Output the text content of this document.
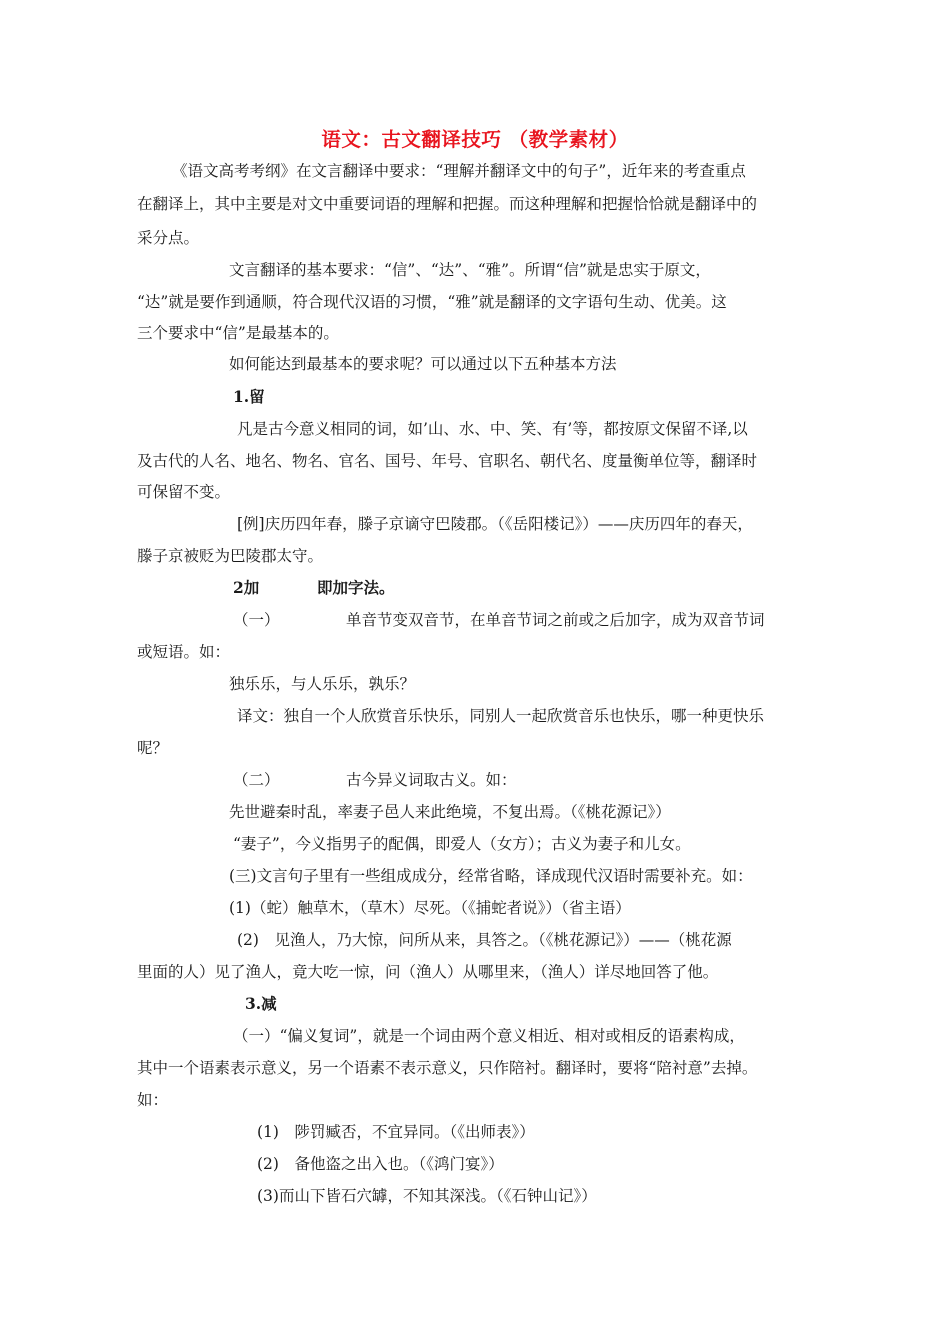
语文：古文翻译技巧 （教学素材）
《语文高考考纲》在文言翻译中要求：“理解并翻译文中的句子”，近年来的考查重点
在翻译上，其中主要是对文中重要词语的理解和把握。而这种理解和把握恰恰就是翻译中的
采分点。
文言翻译的基本要求：“信”、“达”、“雅”。所谓“信”就是忠实于原文，
“达”就是要作到通顺，符合现代汉语的习惯，“雅”就是翻译的文字语句生动、优美。这
三个要求中“信”是最基本的。
如何能达到最基本的要求呢？可以通过以下五种基本方法
1.留
凡是古今意义相同的词，如’山、水、中、笑、有’等，都按原文保留不译,以
及古代的人名、地名、物名、官名、国号、年号、官职名、朝代名、度量衡单位等，翻译时
可保留不变。
[例]庆历四年春，滕子京谪守巴陵郡。（《岳阳楼记》）——庆历四年的春天，
滕子京被贬为巴陵郡太守。
2加	即加字法。
（一）	单音节变双音节，在单音节词之前或之后加字，成为双音节词
或短语。如：
独乐乐，与人乐乐，孰乐？
译文：独自一个人欣赏音乐快乐，同别人一起欣赏音乐也快乐，哪一种更快乐
呢？
（二）	古今异义词取古义。如：
先世避秦时乱，率妻子邑人来此绝境，不复出焉。（《桃花源记》）
“妻子”，今义指男子的配偶，即爱人（女方）；古义为妻子和儿女。
(三)文言句子里有一些组成成分，经常省略，译成现代汉语时需要补充。如：
(1)（蛇）触草木，（草木）尽死。（《捕蛇者说》）（省主语）
(2)　见渔人，乃大惊，问所从来，具答之。（《桃花源记》）——（桃花源
里面的人）见了渔人，竟大吃一惊，问（渔人）从哪里来，（渔人）详尽地回答了他。
3.减
（一）“偏义复词”，就是一个词由两个意义相近、相对或相反的语素构成，
其中一个语素表示意义，另一个语素不表示意义，只作陪衬。翻译时，要将“陪衬意”去掉。
如：
(1)　陟罚臧否，不宜异同。（《出师表》）
(2)　备他盗之出入也。（《鸿门宴》）
(3)而山下皆石穴罅，不知其深浅。（《石钟山记》）
